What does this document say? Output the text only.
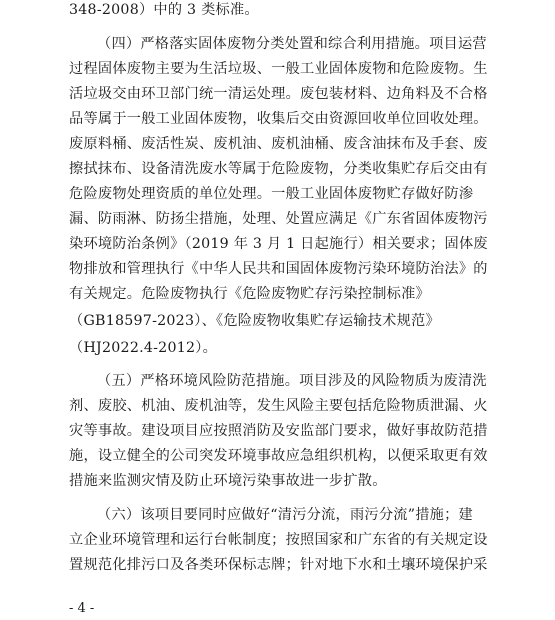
348-2008）中的 3 类标准。
（四）严格落实固体废物分类处置和综合利用措施。项目运营
过程固体废物主要为生活垃圾、一般工业固体废物和危险废物。生
活垃圾交由环卫部门统一清运处理。废包装材料、边角料及不合格
品等属于一般工业固体废物，收集后交由资源回收单位回收处理。
废原料桶、废活性炭、废机油、废机油桶、废含油抹布及手套、废
擦拭抹布、设备清洗废水等属于危险废物，分类收集贮存后交由有
危险废物处理资质的单位处理。一般工业固体废物贮存做好防渗
漏、防雨淋、防扬尘措施，处理、处置应满足《广东省固体废物污
染环境防治条例》（2019 年 3 月 1 日起施行）相关要求；固体废
物排放和管理执行《中华人民共和国固体废物污染环境防治法》的
有关规定。危险废物执行《危险废物贮存污染控制标准》
（GB18597-2023）、《危险废物收集贮存运输技术规范》
（HJ2022.4-2012）。
（五）严格环境风险防范措施。项目涉及的风险物质为废清洗
剂、废胶、机油、废机油等，发生风险主要包括危险物质泄漏、火
灾等事故。建设项目应按照消防及安监部门要求，做好事故防范措
施，设立健全的公司突发环境事故应急组织机构，以便采取更有效
措施来监测灾情及防止环境污染事故进一步扩散。
（六）该项目要同时应做好“清污分流，雨污分流”措施；建
立企业环境管理和运行台帐制度；按照国家和广东省的有关规定设
置规范化排污口及各类环保标志牌；针对地下水和土壤环境保护采
- 4 -
